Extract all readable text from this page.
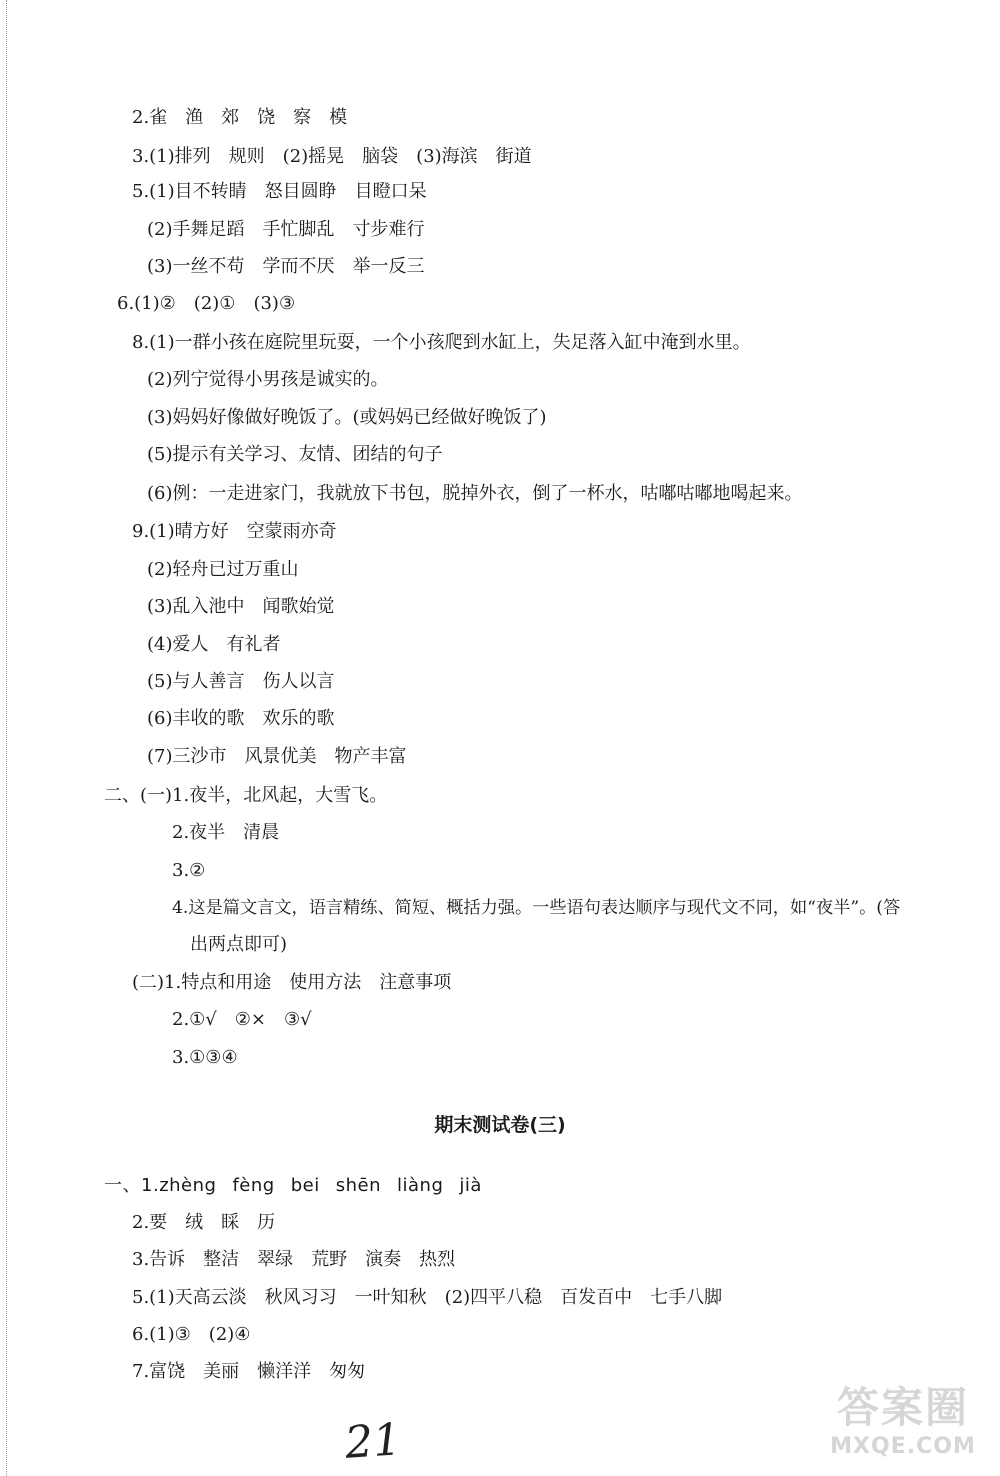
2.雀　渔　郊　饶　察　模
3.(1)排列　规则　(2)摇晃　脑袋　(3)海滨　街道
5.(1)目不转睛　怒目圆睁　目瞪口呆
(2)手舞足蹈　手忙脚乱　寸步难行
(3)一丝不苟　学而不厌　举一反三
6.(1)②　(2)①　(3)③
8.(1)一群小孩在庭院里玩耍，一个小孩爬到水缸上，失足落入缸中淹到水里。
(2)列宁觉得小男孩是诚实的。
(3)妈妈好像做好晚饭了。(或妈妈已经做好晚饭了)
(5)提示有关学习、友情、团结的句子
(6)例：一走进家门，我就放下书包，脱掉外衣，倒了一杯水，咕嘟咕嘟地喝起来。
9.(1)晴方好　空蒙雨亦奇
(2)轻舟已过万重山
(3)乱入池中　闻歌始觉
(4)爱人　有礼者
(5)与人善言　伤人以言
(6)丰收的歌　欢乐的歌
(7)三沙市　风景优美　物产丰富
二、(一)1.夜半，北风起，大雪飞。
2.夜半　清晨
3.②
4.这是篇文言文，语言精练、简短、概括力强。一些语句表达顺序与现代文不同，如“夜半”。(答
出两点即可)
(二)1.特点和用途　使用方法　注意事项
2.①√　②×　③√
3.①③④
期末测试卷(三)
一、1.zhèng fèng bei shēn liàng jià
2.要　绒　睬　历
3.告诉　整洁　翠绿　荒野　演奏　热烈
5.(1)天高云淡　秋风习习　一叶知秋　(2)四平八稳　百发百中　七手八脚
6.(1)③　(2)④
7.富饶　美丽　懒洋洋　匆匆
21
答案圈
MXQE.COM
